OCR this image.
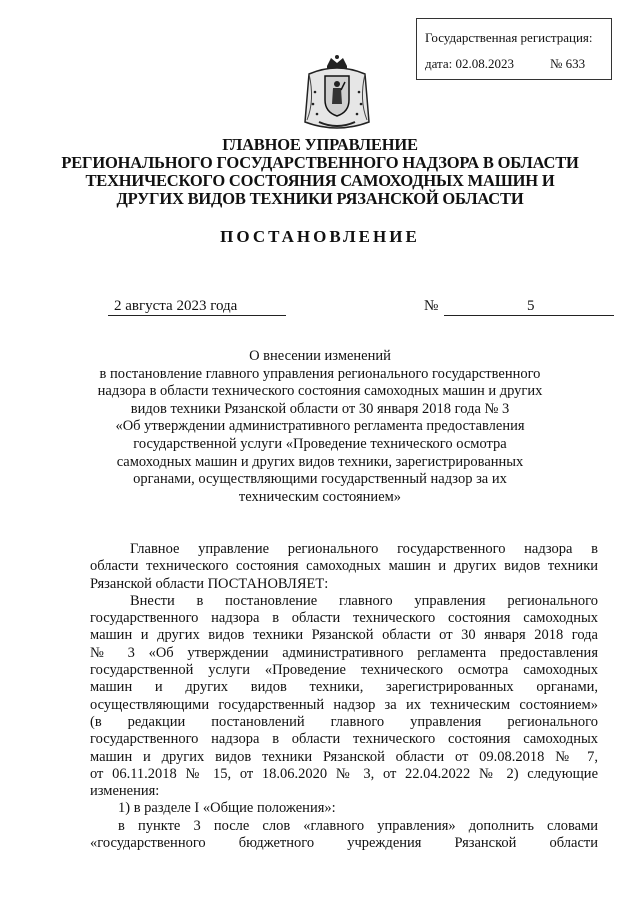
Государственная регистрация:
дата: 02.08.2023	№ 633
ГЛАВНОЕ УПРАВЛЕНИЕ
РЕГИОНАЛЬНОГО ГОСУДАРСТВЕННОГО НАДЗОРА В ОБЛАСТИ
ТЕХНИЧЕСКОГО СОСТОЯНИЯ САМОХОДНЫХ МАШИН И
ДРУГИХ ВИДОВ ТЕХНИКИ РЯЗАНСКОЙ ОБЛАСТИ
ПОСТАНОВЛЕНИЕ
2 августа 2023 года	№	5
О внесении изменений
в постановление главного управления регионального государственного
надзора в области технического состояния самоходных машин и других
видов техники Рязанской области от 30 января 2018 года № 3
«Об утверждении административного регламента предоставления
государственной услуги «Проведение технического осмотра
самоходных машин и других видов техники, зарегистрированных
органами, осуществляющими государственный надзор за их
техническим состоянием»
Главное управление регионального государственного надзора в
области технического состояния самоходных машин и других видов техники
Рязанской области ПОСТАНОВЛЯЕТ:
Внести в постановление главного управления регионального
государственного надзора в области технического состояния самоходных
машин и других видов техники Рязанской области от 30 января 2018 года
№ 3 «Об утверждении административного регламента предоставления
государственной услуги «Проведение технического осмотра самоходных
машин и других видов техники, зарегистрированных органами,
осуществляющими государственный надзор за их техническим состоянием»
(в редакции постановлений главного управления регионального
государственного надзора в области технического состояния самоходных
машин и других видов техники Рязанской области от 09.08.2018 № 7,
от 06.11.2018 № 15, от 18.06.2020 № 3, от 22.04.2022 № 2) следующие
изменения:
1) в разделе I «Общие положения»:
в пункте 3 после слов «главного управления» дополнить словами
«государственного бюджетного учреждения Рязанской области
